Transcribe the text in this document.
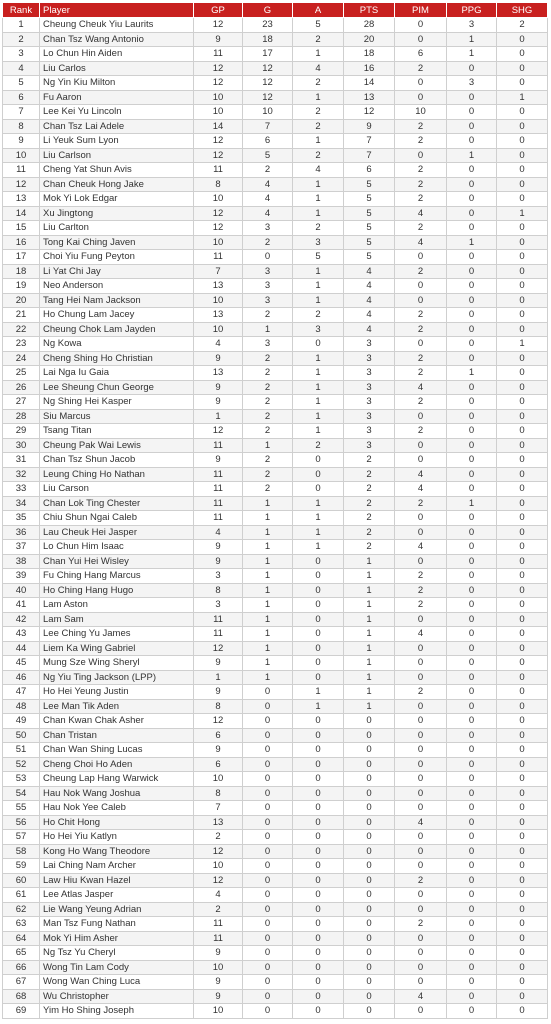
Rank	Player	GP	G	A	PTS	PIM	PPG	SHG
1	Cheung Cheuk Yiu Laurits	12	23	5	28	0	3	2
2	Chan Tsz Wang Antonio	9	18	2	20	0	1	0
3	Lo Chun Hin Aiden	11	17	1	18	6	1	0
4	Liu Carlos	12	12	4	16	2	0	0
5	Ng Yin Kiu Milton	12	12	2	14	0	3	0
6	Fu Aaron	10	12	1	13	0	0	1
7	Lee Kei Yu Lincoln	10	10	2	12	10	0	0
8	Chan Tsz Lai Adele	14	7	2	9	2	0	0
9	Li Yeuk Sum Lyon	12	6	1	7	2	0	0
10	Liu Carlson	12	5	2	7	0	1	0
11	Cheng Yat Shun Avis	11	2	4	6	2	0	0
12	Chan Cheuk Hong Jake	8	4	1	5	2	0	0
13	Mok Yi Lok Edgar	10	4	1	5	2	0	0
14	Xu Jingtong	12	4	1	5	4	0	1
15	Liu Carlton	12	3	2	5	2	0	0
16	Tong Kai Ching Javen	10	2	3	5	4	1	0
17	Choi Yiu Fung Peyton	11	0	5	5	0	0	0
18	Li Yat Chi Jay	7	3	1	4	2	0	0
19	Neo Anderson	13	3	1	4	0	0	0
20	Tang Hei Nam Jackson	10	3	1	4	0	0	0
21	Ho Chung Lam Jacey	13	2	2	4	2	0	0
22	Cheung Chok Lam Jayden	10	1	3	4	2	0	0
23	Ng Kowa	4	3	0	3	0	0	1
24	Cheng Shing Ho Christian	9	2	1	3	2	0	0
25	Lai Nga Iu Gaia	13	2	1	3	2	1	0
26	Lee Sheung Chun George	9	2	1	3	4	0	0
27	Ng Shing Hei Kasper	9	2	1	3	2	0	0
28	Siu Marcus	1	2	1	3	0	0	0
29	Tsang Titan	12	2	1	3	2	0	0
30	Cheung Pak Wai Lewis	11	1	2	3	0	0	0
31	Chan Tsz Shun Jacob	9	2	0	2	0	0	0
32	Leung Ching Ho Nathan	11	2	0	2	4	0	0
33	Liu Carson	11	2	0	2	4	0	0
34	Chan Lok Ting Chester	11	1	1	2	2	1	0
35	Chiu Shun Ngai Caleb	11	1	1	2	0	0	0
36	Lau Cheuk Hei Jasper	4	1	1	2	0	0	0
37	Lo Chun Him Isaac	9	1	1	2	4	0	0
38	Chan Yui Hei Wisley	9	1	0	1	0	0	0
39	Fu Ching Hang Marcus	3	1	0	1	2	0	0
40	Ho Ching Hang Hugo	8	1	0	1	2	0	0
41	Lam Aston	3	1	0	1	2	0	0
42	Lam Sam	11	1	0	1	0	0	0
43	Lee Ching Yu James	11	1	0	1	4	0	0
44	Liem Ka Wing Gabriel	12	1	0	1	0	0	0
45	Mung Sze Wing Sheryl	9	1	0	1	0	0	0
46	Ng Yiu Ting Jackson (LPP)	1	1	0	1	0	0	0
47	Ho Hei Yeung Justin	9	0	1	1	2	0	0
48	Lee Man Tik Aden	8	0	1	1	0	0	0
49	Chan Kwan Chak Asher	12	0	0	0	0	0	0
50	Chan Tristan	6	0	0	0	0	0	0
51	Chan Wan Shing Lucas	9	0	0	0	0	0	0
52	Cheng Choi Ho Aden	6	0	0	0	0	0	0
53	Cheung Lap Hang Warwick	10	0	0	0	0	0	0
54	Hau Nok Wang Joshua	8	0	0	0	0	0	0
55	Hau Nok Yee Caleb	7	0	0	0	0	0	0
56	Ho Chit Hong	13	0	0	0	4	0	0
57	Ho Hei Yiu Katlyn	2	0	0	0	0	0	0
58	Kong Ho Wang Theodore	12	0	0	0	0	0	0
59	Lai Ching Nam Archer	10	0	0	0	0	0	0
60	Law Hiu Kwan Hazel	12	0	0	0	2	0	0
61	Lee Atlas Jasper	4	0	0	0	0	0	0
62	Lie Wang Yeung Adrian	2	0	0	0	0	0	0
63	Man Tsz Fung Nathan	11	0	0	0	2	0	0
64	Mok Yi Him Asher	11	0	0	0	0	0	0
65	Ng Tsz Yu Cheryl	9	0	0	0	0	0	0
66	Wong Tin Lam Cody	10	0	0	0	0	0	0
67	Wong Wan Ching Luca	9	0	0	0	0	0	0
68	Wu Christopher	9	0	0	0	4	0	0
69	Yim Ho Shing Joseph	10	0	0	0	0	0	0
